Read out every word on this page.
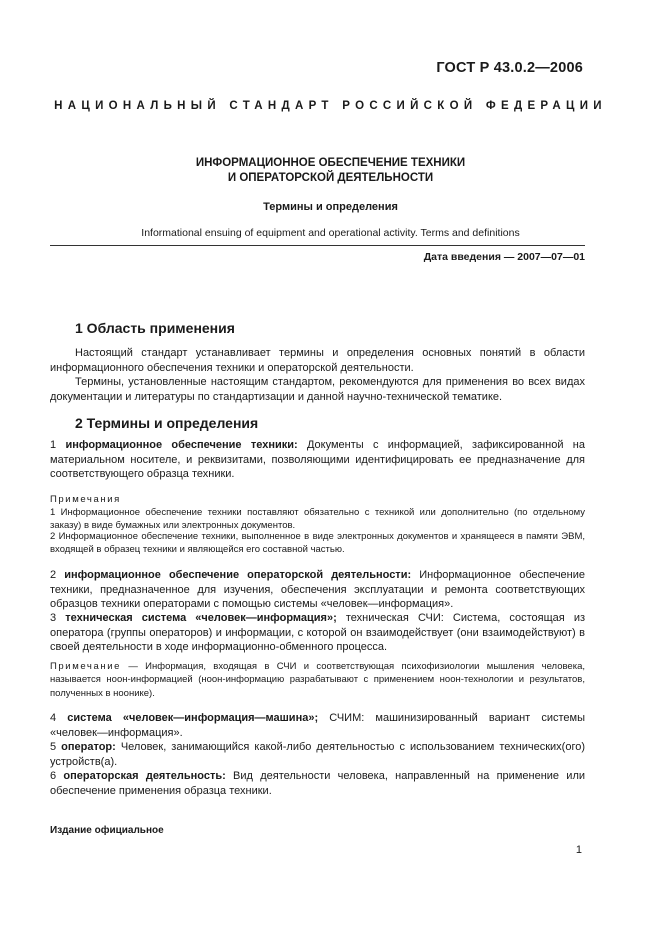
ГОСТ Р 43.0.2—2006
НАЦИОНАЛЬНЫЙ СТАНДАРТ РОССИЙСКОЙ ФЕДЕРАЦИИ
ИНФОРМАЦИОННОЕ ОБЕСПЕЧЕНИЕ ТЕХНИКИ
И ОПЕРАТОРСКОЙ ДЕЯТЕЛЬНОСТИ
Термины и определения
Informational ensuing of equipment and operational activity. Terms and definitions
Дата введения — 2007—07—01
1 Область применения
Настоящий стандарт устанавливает термины и определения основных понятий в области информационного обеспечения техники и операторской деятельности.
Термины, установленные настоящим стандартом, рекомендуются для применения во всех видах документации и литературы по стандартизации и данной научно-технической тематике.
2 Термины и определения
1 информационное обеспечение техники: Документы с информацией, зафиксированной на материальном носителе, и реквизитами, позволяющими идентифицировать ее предназначение для соответствующего образца техники.
Примечания
1 Информационное обеспечение техники поставляют обязательно с техникой или дополнительно (по отдельному заказу) в виде бумажных или электронных документов.
2 Информационное обеспечение техники, выполненное в виде электронных документов и хранящееся в памяти ЭВМ, входящей в образец техники и являющейся его составной частью.
2 информационное обеспечение операторской деятельности: Информационное обеспечение техники, предназначенное для изучения, обеспечения эксплуатации и ремонта соответствующих образцов техники операторами с помощью системы «человек—информация».
3 техническая система «человек—информация»; техническая СЧИ: Система, состоящая из оператора (группы операторов) и информации, с которой он взаимодействует (они взаимодействуют) в своей деятельности в ходе информационно-обменного процесса.
Примечание — Информация, входящая в СЧИ и соответствующая психофизиологии мышления человека, называется ноон-информацией (ноон-информацию разрабатывают с применением ноон-технологии и результатов, полученных в ноонике).
4 система «человек—информация—машина»; СЧИМ: машинизированный вариант системы «человек—информация».
5 оператор: Человек, занимающийся какой-либо деятельностью с использованием технических(ого) устройств(а).
6 операторская деятельность: Вид деятельности человека, направленный на применение или обеспечение применения образца техники.
Издание официальное
1
